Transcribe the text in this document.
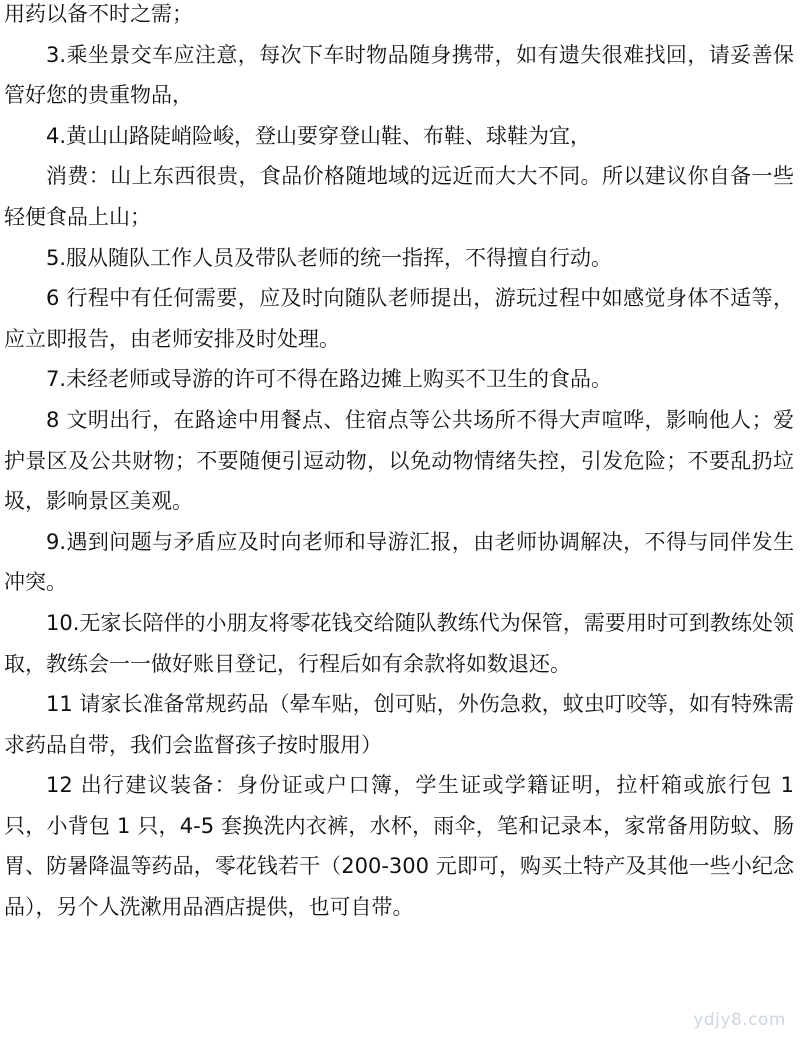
用药以备不时之需；

3.乘坐景交车应注意，每次下车时物品随身携带，如有遗失很难找回，请妥善保管好您的贵重物品，

4.黄山山路陡峭险峻，登山要穿登山鞋、布鞋、球鞋为宜，

消费：山上东西很贵，食品价格随地域的远近而大大不同。所以建议你自备一些轻便食品上山；

5.服从随队工作人员及带队老师的统一指挥，不得擅自行动。

6 行程中有任何需要，应及时向随队老师提出，游玩过程中如感觉身体不适等，应立即报告，由老师安排及时处理。

7.未经老师或导游的许可不得在路边摊上购买不卫生的食品。

8 文明出行，在路途中用餐点、住宿点等公共场所不得大声喧哗，影响他人；爱护景区及公共财物；不要随便引逗动物，以免动物情绪失控，引发危险；不要乱扔垃圾，影响景区美观。

9.遇到问题与矛盾应及时向老师和导游汇报，由老师协调解决，不得与同伴发生冲突。

10.无家长陪伴的小朋友将零花钱交给随队教练代为保管，需要用时可到教练处领取，教练会一一做好账目登记，行程后如有余款将如数退还。

11 请家长准备常规药品（晕车贴，创可贴，外伤急救，蚊虫叮咬等，如有特殊需求药品自带，我们会监督孩子按时服用）

12 出行建议装备：身份证或户口簿，学生证或学籍证明，拉杆箱或旅行包 1 只，小背包 1 只，4-5 套换洗内衣裤，水杯，雨伞，笔和记录本，家常备用防蚊、肠胃、防暑降温等药品，零花钱若干（200-300 元即可，购买土特产及其他一些小纪念品），另个人洗漱用品酒店提供，也可自带。

ydjy8.com
